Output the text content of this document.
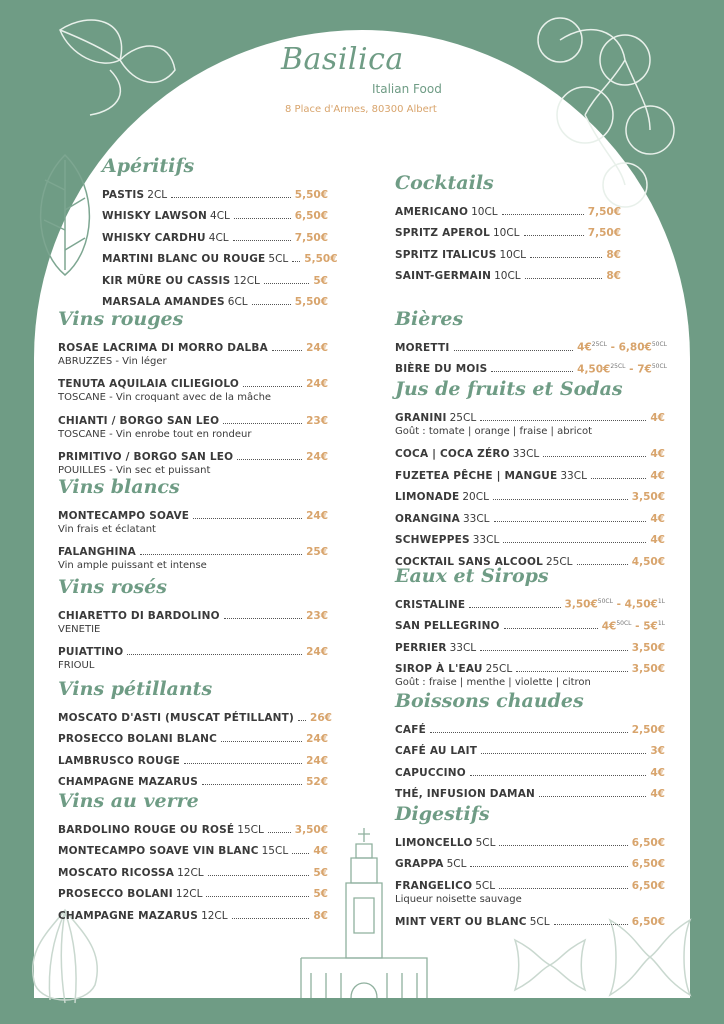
Basilica
Italian Food
8 Place d'Armes, 80300 Albert
Apéritifs
PASTIS 2CL	5,50€
WHISKY LAWSON 4CL	6,50€
WHISKY CARDHU 4CL	7,50€
MARTINI BLANC OU ROUGE 5CL 5,50€
KIR MÛRE OU CASSIS 12CL	5€
MARSALA AMANDES 6CL	5,50€
Vins rouges
ROSAE LACRIMA DI MORRO DALBA	24€
ABRUZZES - Vin léger
TENUTA AQUILAIA CILIEGIOLO	24€
TOSCANE - Vin croquant avec de la mâche
CHIANTI / BORGO SAN LEO	23€
TOSCANE - Vin enrobe tout en rondeur
PRIMITIVO / BORGO SAN LEO	24€
POUILLES - Vin sec et puissant
Vins blancs
MONTECAMPO SOAVE	24€
Vin frais et éclatant
FALANGHINA	25€
Vin ample puissant et intense
Vins rosés
CHIARETTO DI BARDOLINO	23€
VENETIE
PUIATTINO	24€
FRIOUL
Vins pétillants
MOSCATO D'ASTI (MUSCAT PÉTILLANT) 26€
PROSECCO BOLANI BLANC	24€
LAMBRUSCO ROUGE	24€
CHAMPAGNE MAZARUS	52€
Vins au verre
BARDOLINO ROUGE OU ROSÉ 15CL	3,50€
MONTECAMPO SOAVE VIN BLANC 15CL 4€
MOSCATO RICOSSA 12CL	5€
PROSECCO BOLANI 12CL	5€
CHAMPAGNE MAZARUS 12CL	8€
Cocktails
AMERICANO 10CL	7,50€
SPRITZ APEROL 10CL	7,50€
SPRITZ ITALICUS 10CL	8€
SAINT-GERMAIN 10CL	8€
Bières
MORETTI	4€$^{25CL}$ - 6,80€$^{50CL}$
BIÈRE DU MOIS	4,50€$^{25CL}$ - 7€$^{50CL}$
Jus de fruits et Sodas
GRANINI 25CL	4€
Goût : tomate | orange | fraise | abricot
COCA | COCA ZÉRO 33CL	4€
FUZETEA PÊCHE | MANGUE 33CL	4€
LIMONADE 20CL	3,50€
ORANGINA 33CL	4€
SCHWEPPES 33CL	4€
COCKTAIL SANS ALCOOL 25CL	4,50€
Eaux et Sirops
CRISTALINE	3,50€$^{50CL}$ - 4,50€$^{1L}$
SAN PELLEGRINO	4€$^{50CL}$ - 5€$^{1L}$
PERRIER 33CL	3,50€
SIROP À L'EAU 25CL	3,50€
Goût : fraise | menthe | violette | citron
Boissons chaudes
CAFÉ	2,50€
CAFÉ AU LAIT	3€
CAPUCCINO	4€
THÉ, INFUSION DAMAN	4€
Digestifs
LIMONCELLO 5CL	6,50€
GRAPPA 5CL	6,50€
FRANGELICO 5CL	6,50€
Liqueur noisette sauvage
MINT VERT OU BLANC 5CL	6,50€
